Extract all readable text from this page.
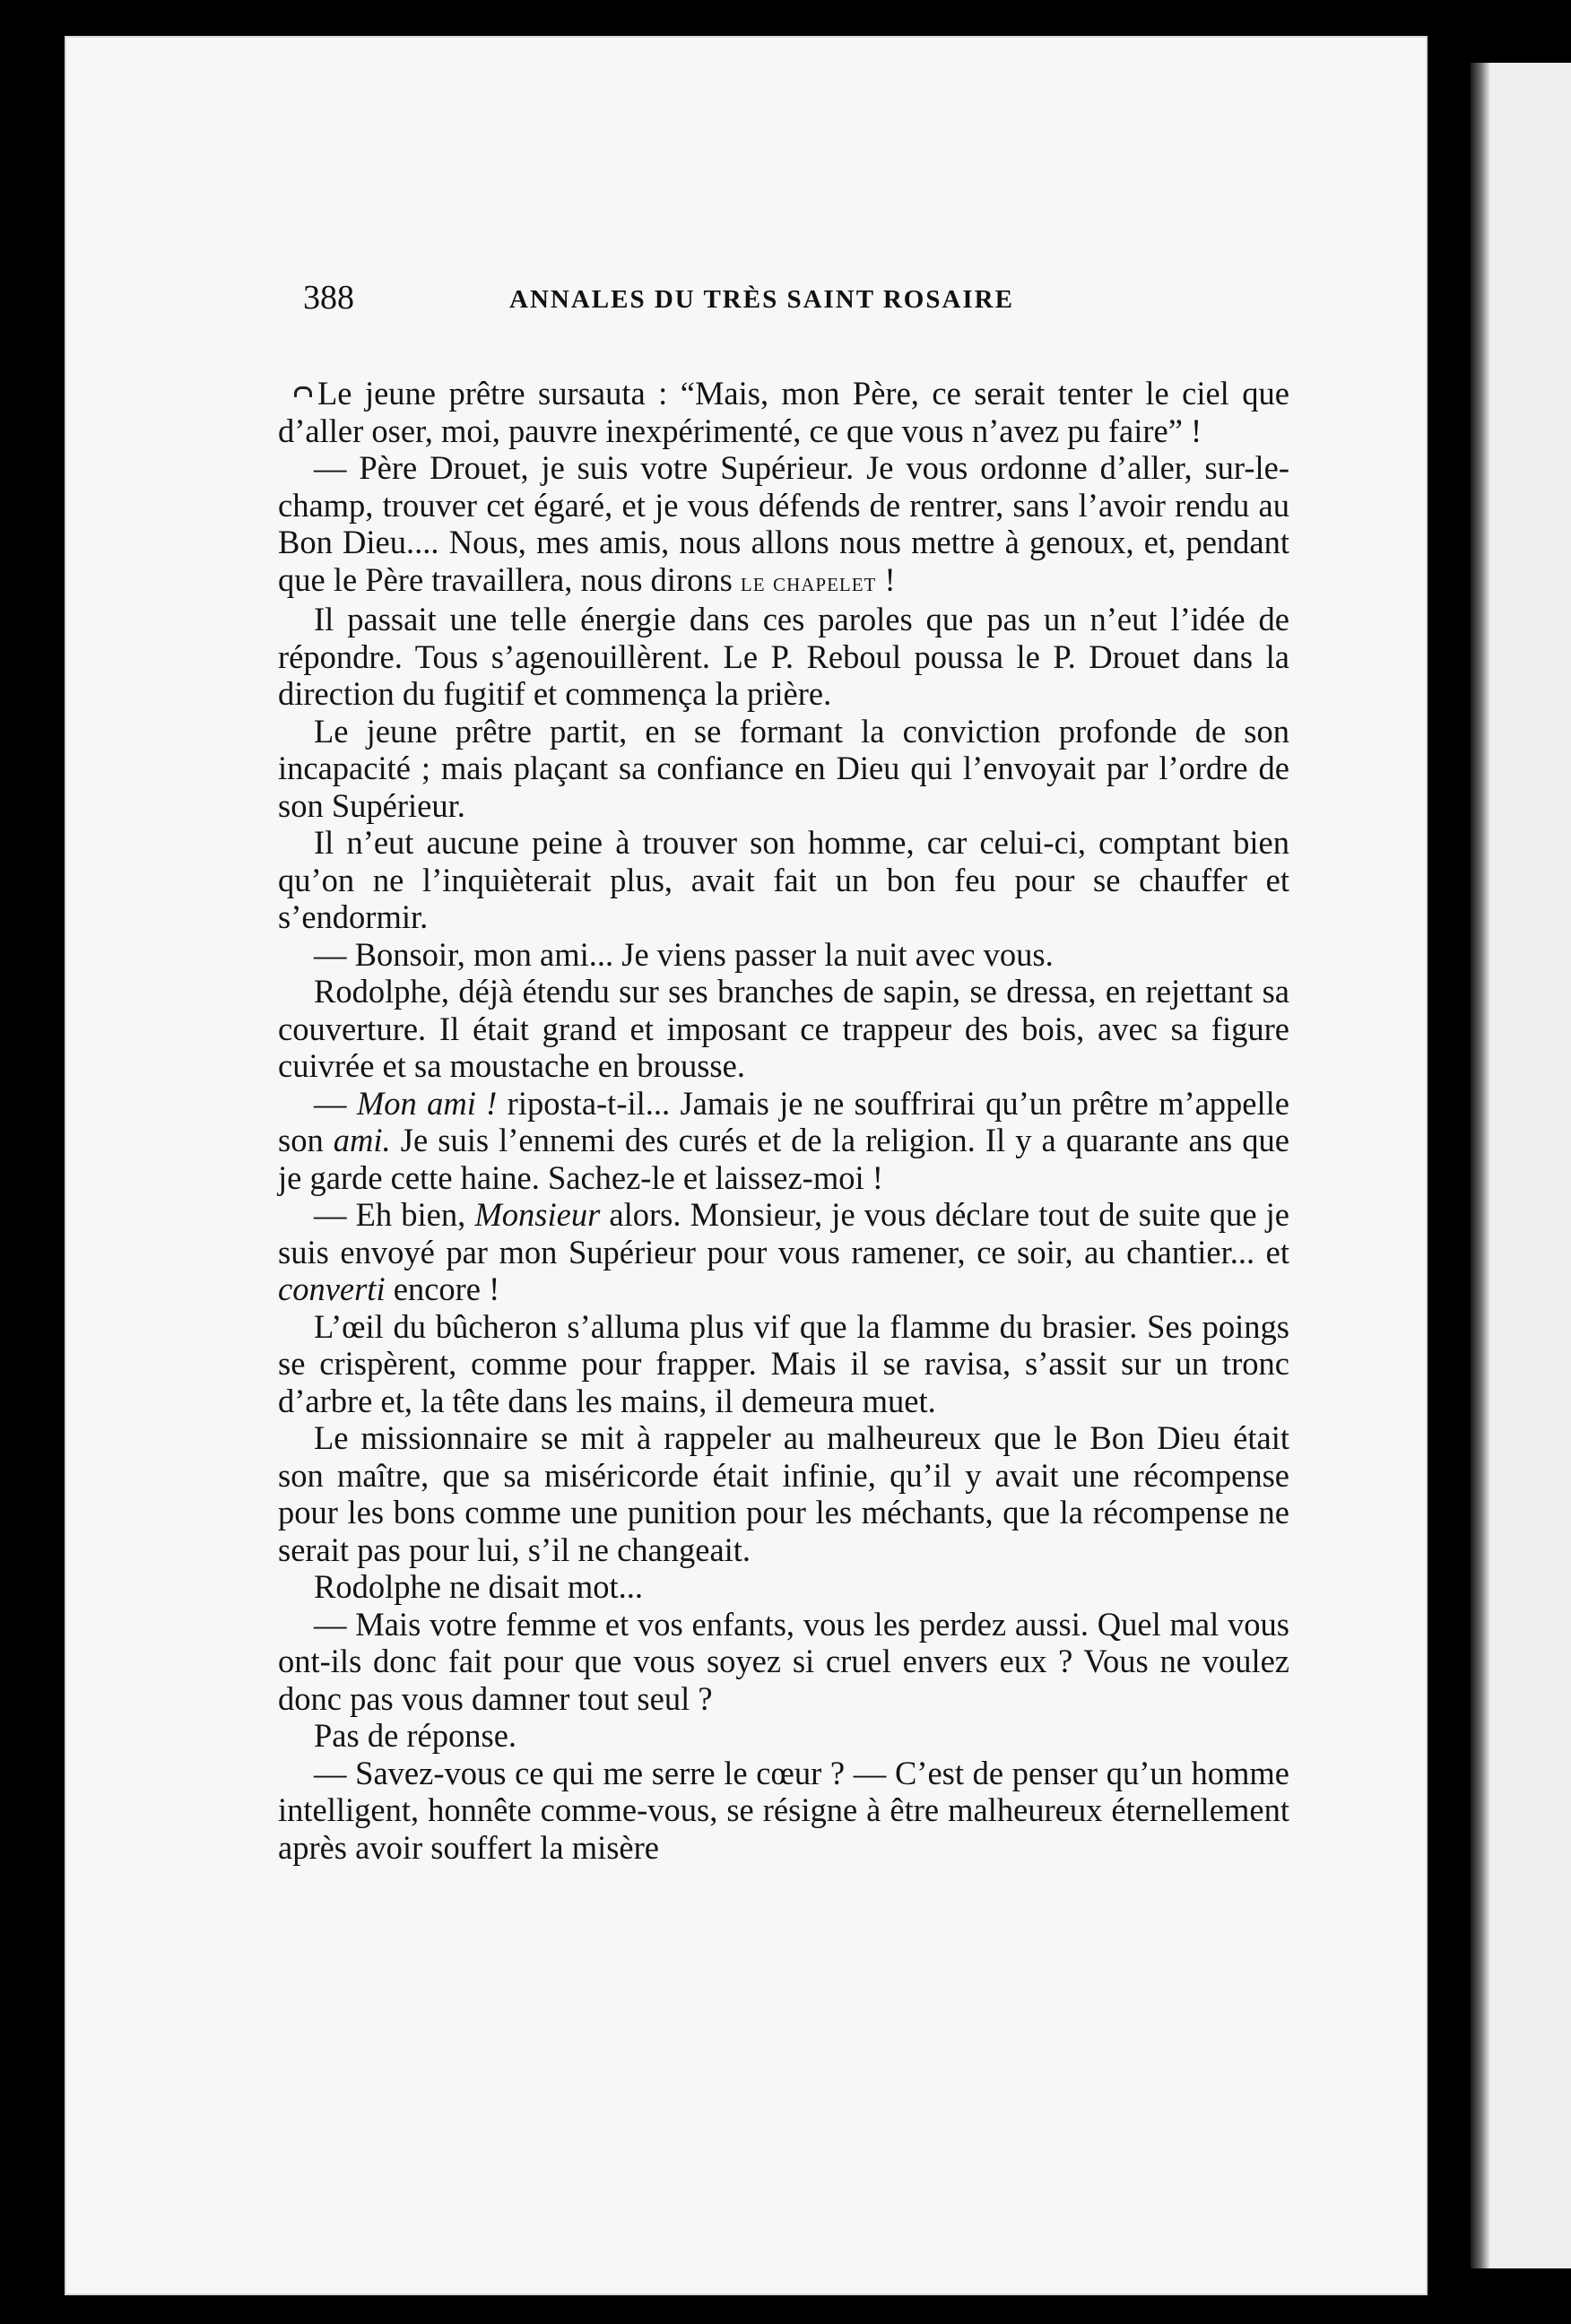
388	ANNALES DU TRÈS SAINT ROSAIRE

Le jeune prêtre sursauta : “Mais, mon Père, ce serait tenter le ciel que d’aller oser, moi, pauvre inexpérimenté, ce que vous n’avez pu faire” !

— Père Drouet, je suis votre Supérieur. Je vous ordonne d’aller, sur-le-champ, trouver cet égaré, et je vous défends de rentrer, sans l’avoir rendu au Bon Dieu.... Nous, mes amis, nous allons nous mettre à genoux, et, pendant que le Père travaillera, nous dirons le chapelet !

Il passait une telle énergie dans ces paroles que pas un n’eut l’idée de répondre. Tous s’agenouillèrent. Le P. Reboul poussa le P. Drouet dans la direction du fugitif et commença la prière.

Le jeune prêtre partit, en se formant la conviction profonde de son incapacité ; mais plaçant sa confiance en Dieu qui l’envoyait par l’ordre de son Supérieur.

Il n’eut aucune peine à trouver son homme, car celui-ci, comptant bien qu’on ne l’inquièterait plus, avait fait un bon feu pour se chauffer et s’endormir.

— Bonsoir, mon ami... Je viens passer la nuit avec vous.

Rodolphe, déjà étendu sur ses branches de sapin, se dressa, en rejettant sa couverture. Il était grand et imposant ce trappeur des bois, avec sa figure cuivrée et sa moustache en brousse.

— Mon ami ! riposta-t-il... Jamais je ne souffrirai qu’un prêtre m’appelle son ami. Je suis l’ennemi des curés et de la religion. Il y a quarante ans que je garde cette haine. Sachez-le et laissez-moi !

— Eh bien, Monsieur alors. Monsieur, je vous déclare tout de suite que je suis envoyé par mon Supérieur pour vous ramener, ce soir, au chantier... et converti encore !

L’œil du bûcheron s’alluma plus vif que la flamme du brasier. Ses poings se crispèrent, comme pour frapper. Mais il se ravisa, s’assit sur un tronc d’arbre et, la tête dans les mains, il demeura muet.

Le missionnaire se mit à rappeler au malheureux que le Bon Dieu était son maître, que sa miséricorde était infinie, qu’il y avait une récompense pour les bons comme une punition pour les méchants, que la récompense ne serait pas pour lui, s’il ne changeait.

Rodolphe ne disait mot...

— Mais votre femme et vos enfants, vous les perdez aussi. Quel mal vous ont-ils donc fait pour que vous soyez si cruel envers eux ? Vous ne voulez donc pas vous damner tout seul ?

Pas de réponse.

— Savez-vous ce qui me serre le cœur ? — C’est de penser qu’un homme intelligent, honnête comme-vous, se résigne à être malheureux éternellement après avoir souffert la misère
